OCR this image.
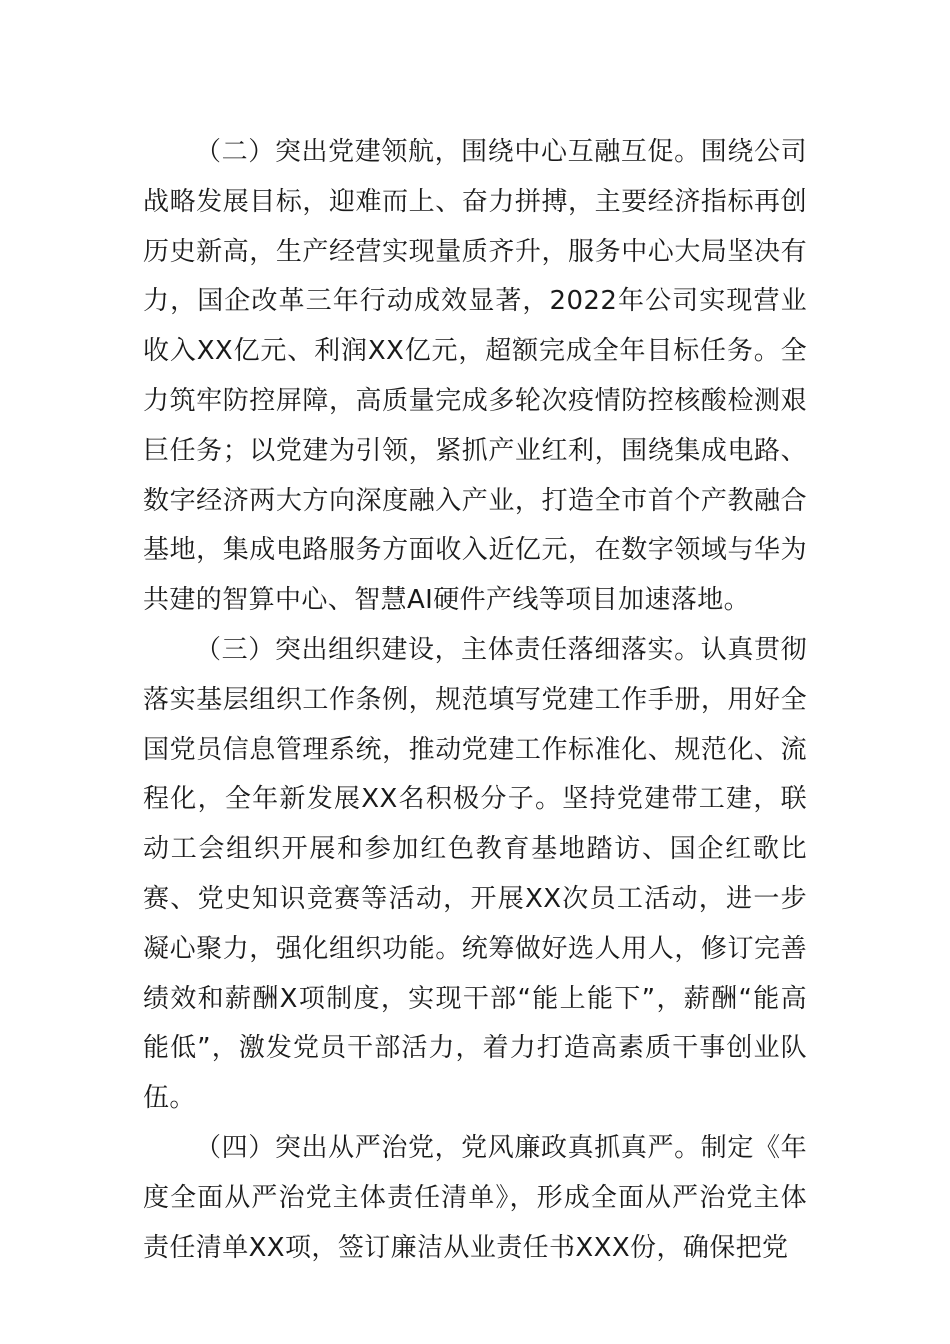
（二）突出党建领航，围绕中心互融互促。围绕公司战略发展目标，迎难而上、奋力拼搏，主要经济指标再创历史新高，生产经营实现量质齐升，服务中心大局坚决有力，国企改革三年行动成效显著，2022年公司实现营业收入XX亿元、利润XX亿元，超额完成全年目标任务。全力筑牢防控屏障，高质量完成多轮次疫情防控核酸检测艰巨任务；以党建为引领，紧抓产业红利，围绕集成电路、数字经济两大方向深度融入产业，打造全市首个产教融合基地，集成电路服务方面收入近亿元，在数字领域与华为共建的智算中心、智慧AI硬件产线等项目加速落地。

（三）突出组织建设，主体责任落细落实。认真贯彻落实基层组织工作条例，规范填写党建工作手册，用好全国党员信息管理系统，推动党建工作标准化、规范化、流程化，全年新发展XX名积极分子。坚持党建带工建，联动工会组织开展和参加红色教育基地踏访、国企红歌比赛、党史知识竞赛等活动，开展XX次员工活动，进一步凝心聚力，强化组织功能。统筹做好选人用人，修订完善绩效和薪酬X项制度，实现干部“能上能下”，薪酬“能高能低”，激发党员干部活力，着力打造高素质干事创业队伍。

（四）突出从严治党，党风廉政真抓真严。制定《年度全面从严治党主体责任清单》，形成全面从严治党主体责任清单XX项，签订廉洁从业责任书XXX份，确保把党
